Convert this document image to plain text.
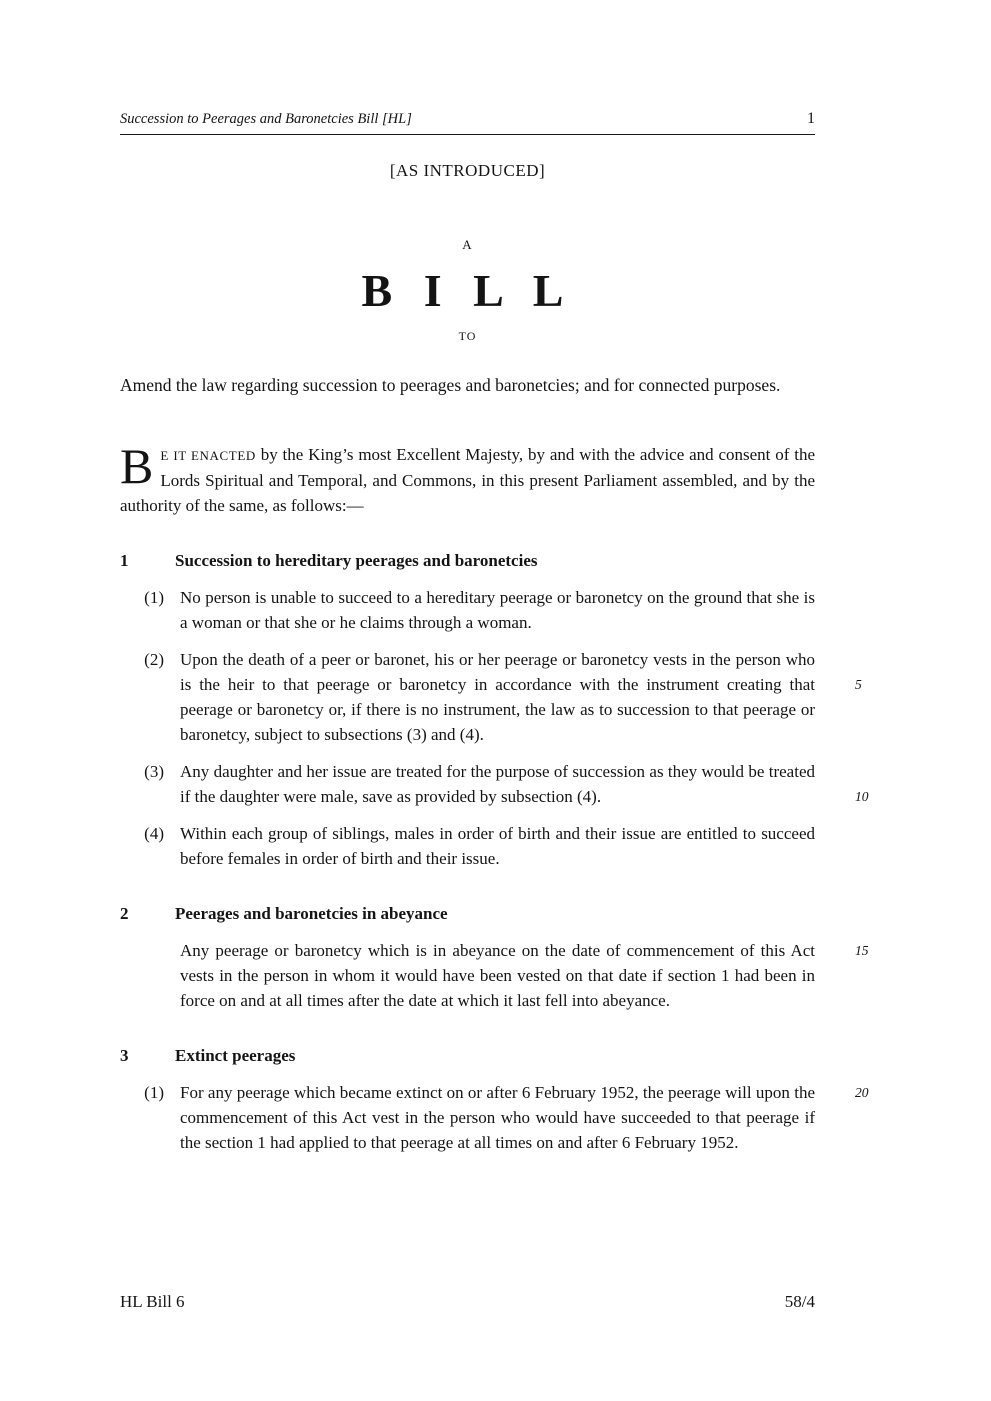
Succession to Peerages and Baronetcies Bill [HL]	1
[AS INTRODUCED]
A
B I L L
TO

Amend the law regarding succession to peerages and baronetcies; and for connected purposes.

B E IT ENACTED by the King’s most Excellent Majesty, by and with the advice and consent of the Lords Spiritual and Temporal, and Commons, in this present Parliament assembled, and by the authority of the same, as follows:—

1	Succession to hereditary peerages and baronetcies
(1) No person is unable to succeed to a hereditary peerage or baronetcy on the ground that she is a woman or that she or he claims through a woman.

(2) Upon the death of a peer or baronet, his or her peerage or baronetcy vests in the person who is the heir to that peerage or baronetcy in accordance with the instrument creating that peerage or baronetcy or, if there is no instrument, the law as to succession to that peerage or baronetcy, subject to subsections (3) and (4).
5

(3) Any daughter and her issue are treated for the purpose of succession as they would be treated if the daughter were male, save as provided by subsection (4).	10

(4) Within each group of siblings, males in order of birth and their issue are entitled to succeed before females in order of birth and their issue.

2	Peerages and baronetcies in abeyance

Any peerage or baronetcy which is in abeyance on the date of commencement of this Act vests in the person in whom it would have been vested on that date if section 1 had been in force on and at all times after the date at which it last fell into abeyance.
15

3	Extinct peerages
(1) For any peerage which became extinct on or after 6 February 1952, the peerage will upon the commencement of this Act vest in the person who would have succeeded to that peerage if the section 1 had applied to that peerage at all times on and after 6 February 1952.
20

HL Bill 6	58/4
